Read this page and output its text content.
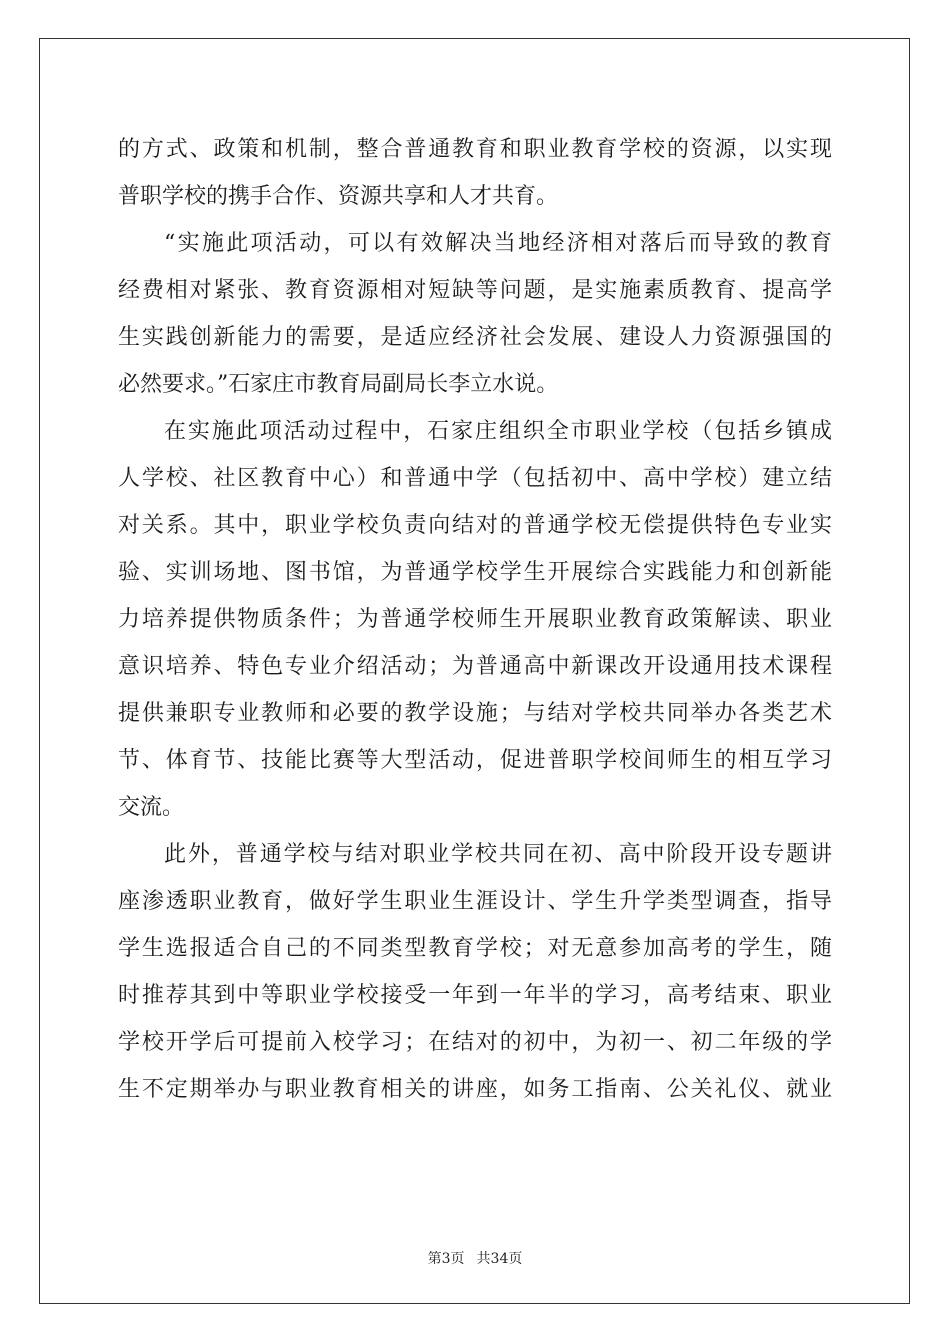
的方式、政策和机制，整合普通教育和职业教育学校的资源，以实现
普职学校的携手合作、资源共享和人才共育。
“实施此项活动，可以有效解决当地经济相对落后而导致的教育
经费相对紧张、教育资源相对短缺等问题，是实施素质教育、提高学
生实践创新能力的需要，是适应经济社会发展、建设人力资源强国的
必然要求。”石家庄市教育局副局长李立水说。
在实施此项活动过程中，石家庄组织全市职业学校（包括乡镇成
人学校、社区教育中心）和普通中学（包括初中、高中学校）建立结
对关系。其中，职业学校负责向结对的普通学校无偿提供特色专业实
验、实训场地、图书馆，为普通学校学生开展综合实践能力和创新能
力培养提供物质条件；为普通学校师生开展职业教育政策解读、职业
意识培养、特色专业介绍活动；为普通高中新课改开设通用技术课程
提供兼职专业教师和必要的教学设施；与结对学校共同举办各类艺术
节、体育节、技能比赛等大型活动，促进普职学校间师生的相互学习
交流。
此外，普通学校与结对职业学校共同在初、高中阶段开设专题讲
座渗透职业教育，做好学生职业生涯设计、学生升学类型调查，指导
学生选报适合自己的不同类型教育学校；对无意参加高考的学生，随
时推荐其到中等职业学校接受一年到一年半的学习，高考结束、职业
学校开学后可提前入校学习；在结对的初中，为初一、初二年级的学
生不定期举办与职业教育相关的讲座，如务工指南、公关礼仪、就业
第3页 共34页
